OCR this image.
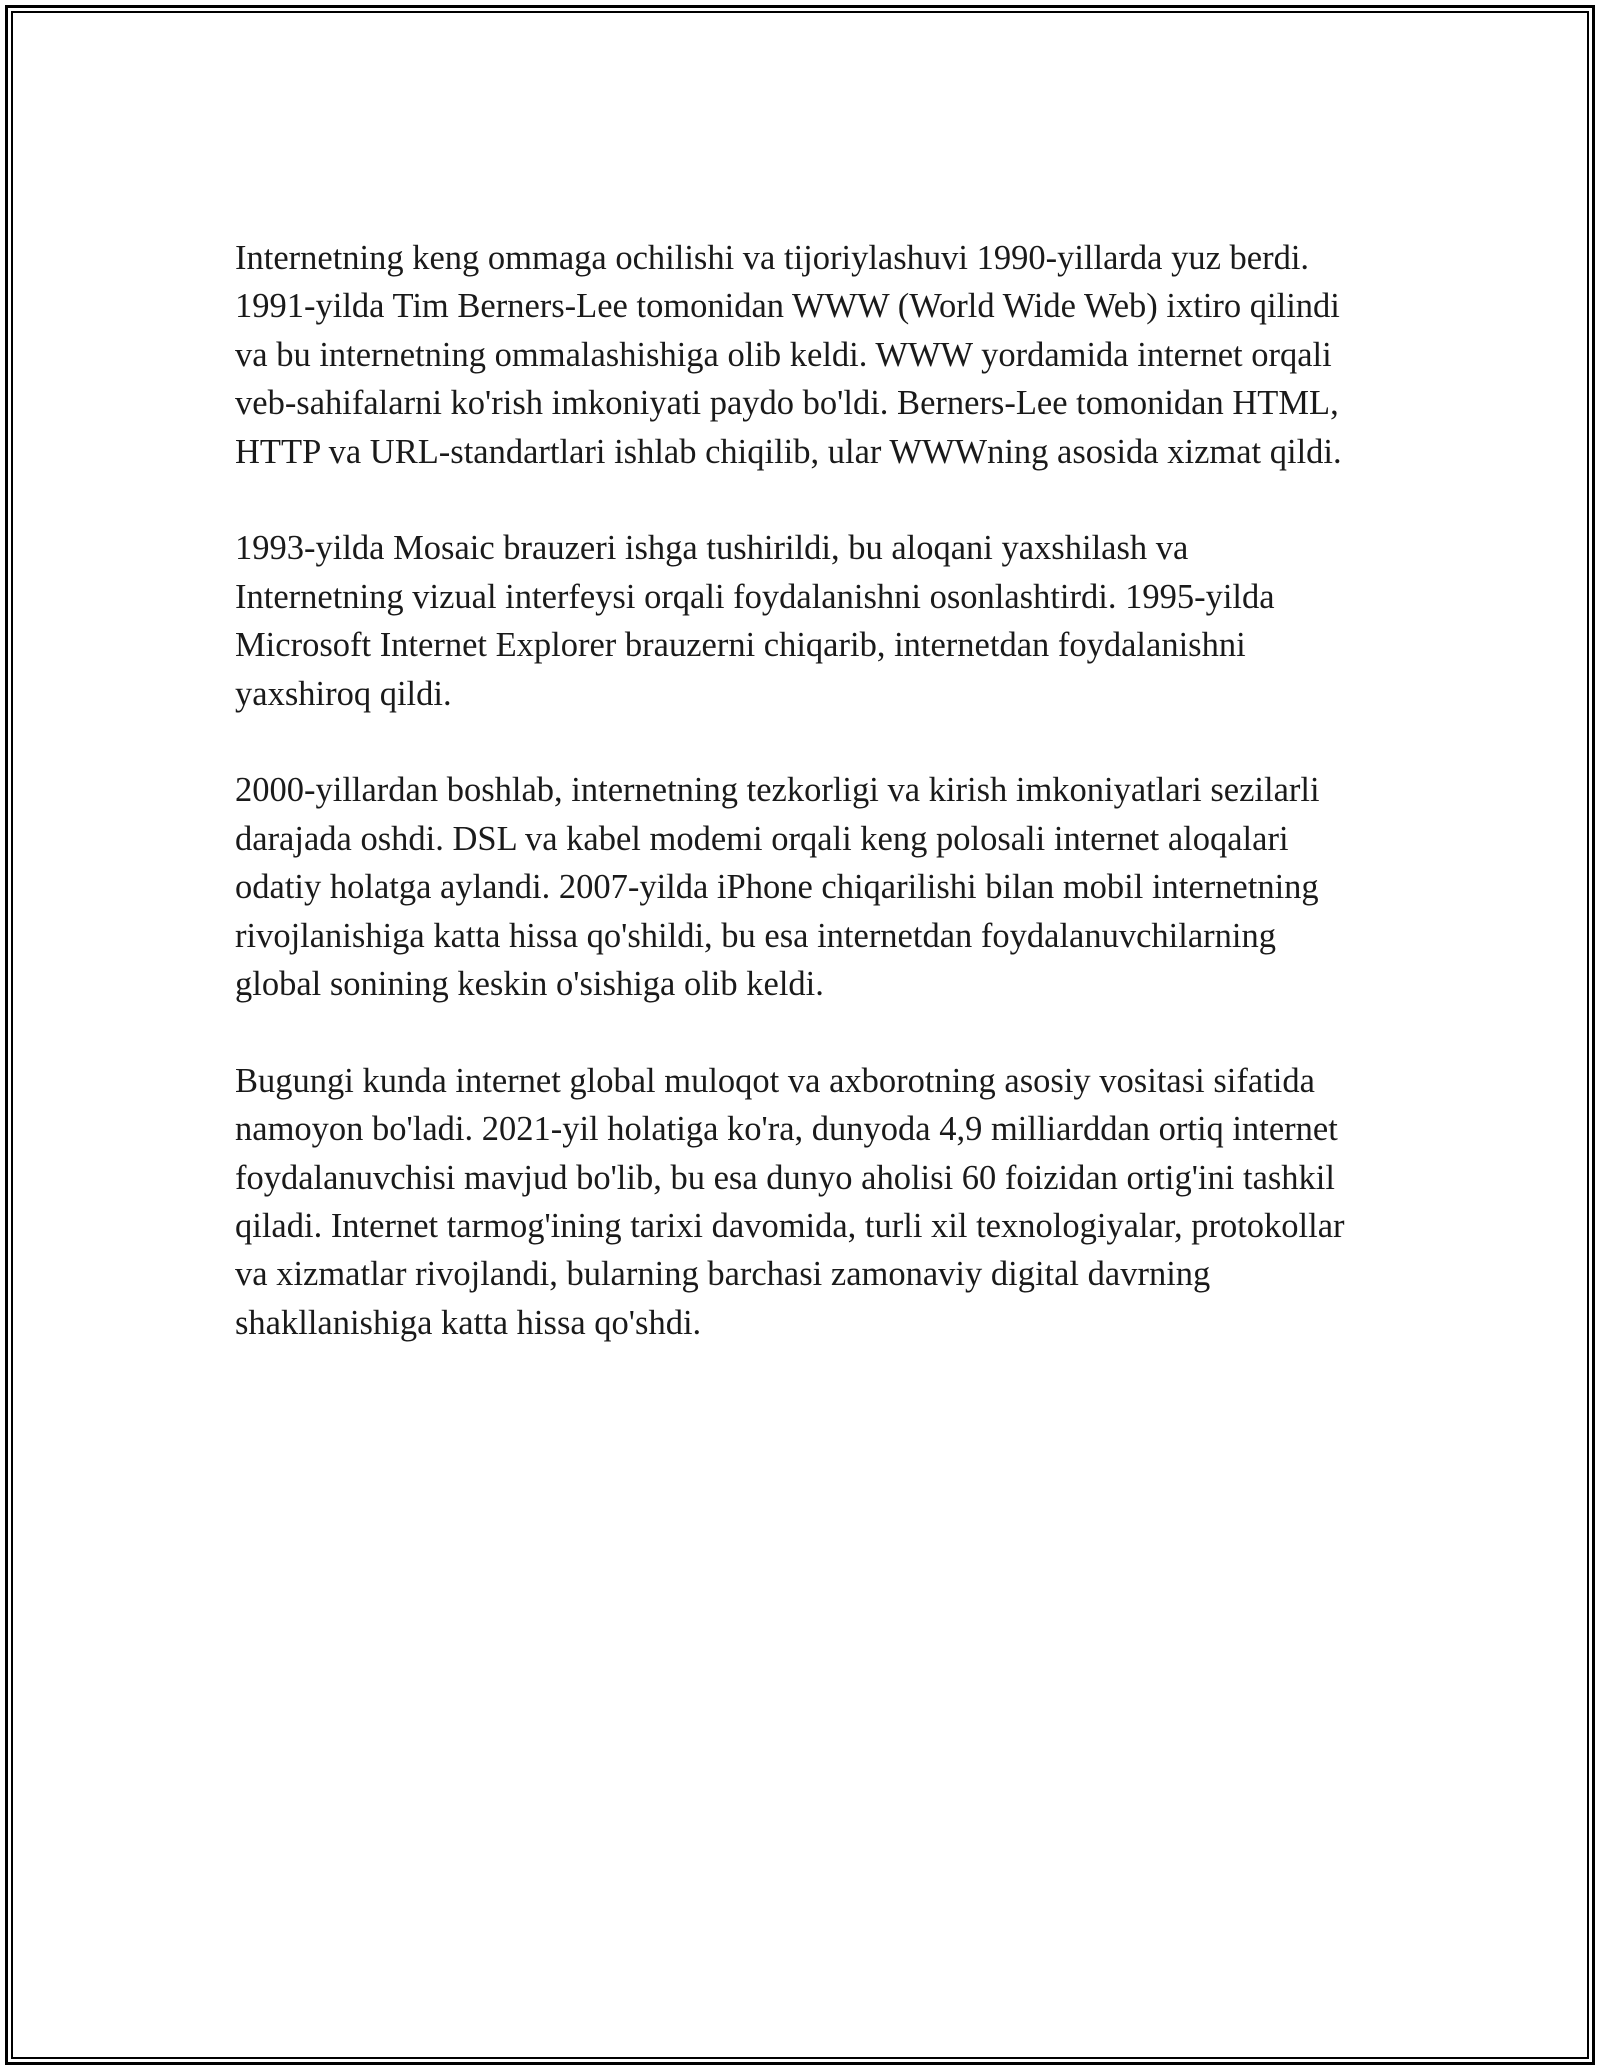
Internetning keng ommaga ochilishi va tijoriylashuvi 1990-yillarda yuz berdi. 1991-yilda Tim Berners-Lee tomonidan WWW (World Wide Web) ixtiro qilindi va bu internetning ommalashishiga olib keldi. WWW yordamida internet orqali veb-sahifalarni ko'rish imkoniyati paydo bo'ldi. Berners-Lee tomonidan HTML, HTTP va URL-standartlari ishlab chiqilib, ular WWWning asosida xizmat qildi.

1993-yilda Mosaic brauzeri ishga tushirildi, bu aloqani yaxshilash va Internetning vizual interfeysi orqali foydalanishni osonlashtirdi. 1995-yilda Microsoft Internet Explorer brauzerni chiqarib, internetdan foydalanishni yaxshiroq qildi.

2000-yillardan boshlab, internetning tezkorligi va kirish imkoniyatlari sezilarli darajada oshdi. DSL va kabel modemi orqali keng polosali internet aloqalari odatiy holatga aylandi. 2007-yilda iPhone chiqarilishi bilan mobil internetning rivojlanishiga katta hissa qo'shildi, bu esa internetdan foydalanuvchilarning global sonining keskin o'sishiga olib keldi.

Bugungi kunda internet global muloqot va axborotning asosiy vositasi sifatida namoyon bo'ladi. 2021-yil holatiga ko'ra, dunyoda 4,9 milliarddan ortiq internet foydalanuvchisi mavjud bo'lib, bu esa dunyo aholisi 60 foizidan ortig'ini tashkil qiladi. Internet tarmog'ining tarixi davomida, turli xil texnologiyalar, protokollar va xizmatlar rivojlandi, bularning barchasi zamonaviy digital davrning shakllanishiga katta hissa qo'shdi.
